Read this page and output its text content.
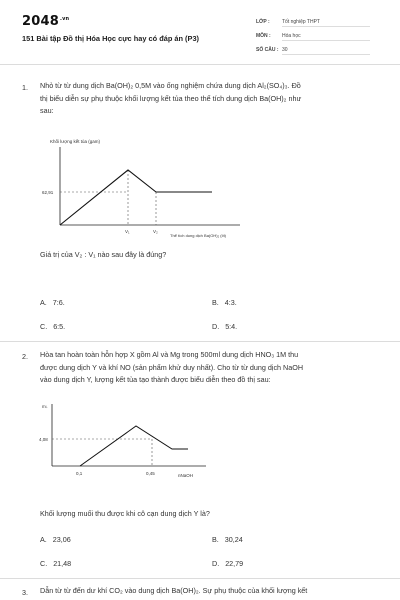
$2048^{.vn}$
151 Bài tập Đồ thị Hóa Học cực hay có đáp án (P3)
LỚP : Tốt nghiệp THPT
MÔN : Hóa học
SỐ CÂU : 30
1. Nhỏ từ từ dung dịch Ba(OH)₂ 0,5M vào ống nghiệm chứa dung dịch Al₂(SO₄)₃. Đồ
thị biểu diễn sự phụ thuộc khối lượng kết tủa theo thể tích dung dịch Ba(OH)₂ như
sau:
Khối lượng kết tủa (gam)
62,91
V₁	V₂
Thể tích dung dịch Ba(OH)₂ (lít)
Giá trị của V₂ : V₁ nào sau đây là đúng?
A. 7:6.	B. 4:3.
C. 6:5.	D. 5:4.
2. Hòa tan hoàn toàn hỗn hợp X gồm Al và Mg trong 500ml dung dịch HNO₃ 1M thu
được dung dịch Y và khí NO (sản phẩm khử duy nhất). Cho từ từ dung dịch NaOH
vào dung dịch Y, lượng kết tủa tạo thành được biểu diễn theo đồ thị sau:
m↓
4,08
0,1	0,45	nNaOH
Khối lượng muối thu được khi cô cạn dung dịch Y là?
A. 23,06	B. 30,24
C. 21,48	D. 22,79
3. Dẫn từ từ đến dư khí CO₂ vào dung dịch Ba(OH)₂. Sự phụ thuộc của khối lượng kết
